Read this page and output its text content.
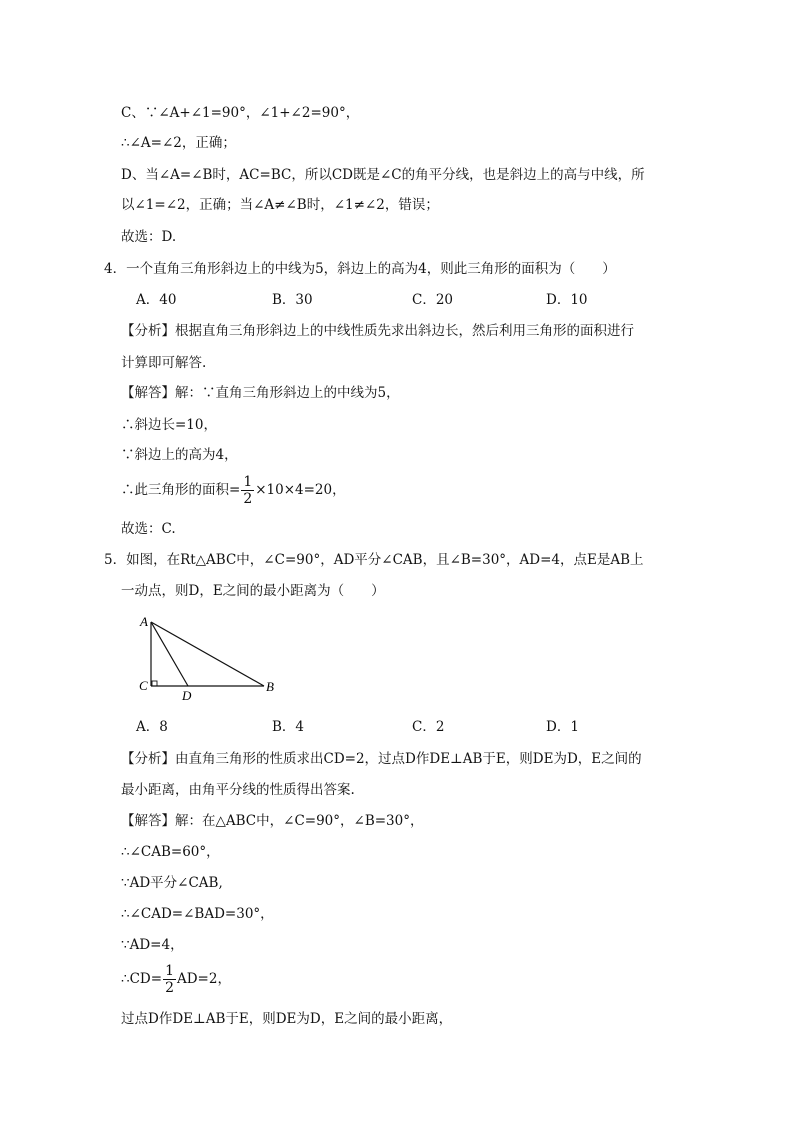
C、∵∠A+∠1=90°，∠1+∠2=90°，
∴∠A=∠2，正确；
D、当∠A=∠B时，AC=BC，所以CD既是∠C的角平分线，也是斜边上的高与中线，所
以∠1=∠2，正确；当∠A≠∠B时，∠1≠∠2，错误；
故选：D.
4．一个直角三角形斜边上的中线为5，斜边上的高为4，则此三角形的面积为（　　）
A．40	B．30	C．20	D．10
【分析】根据直角三角形斜边上的中线性质先求出斜边长，然后利用三角形的面积进行
计算即可解答.
【解答】解：∵直角三角形斜边上的中线为5，
∴斜边长=10，
∵斜边上的高为4，
∴此三角形的面积= $\frac{1}{2} \times 10\times 4=20$，
故选：C.
5．如图，在Rt△ABC中，∠C=90°，AD平分∠CAB，且∠B=30°，AD=4，点E是AB上
一动点，则D，E之间的最小距离为（　　）
A
C
D
B
A．8	B．4	C．2	D．1
【分析】由直角三角形的性质求出CD=2，过点D作DE⊥AB于E，则DE为D，E之间的
最小距离，由角平分线的性质得出答案.
【解答】解：在△ABC中，∠C=90°，∠B=30°，
∴∠CAB=60°，
∵AD平分∠CAB,
∴∠CAD=∠BAD=30°，
∵AD=4，
∴CD= $\frac{1}{2} AD=2$，
过点D作DE⊥AB于E，则DE为D，E之间的最小距离，
